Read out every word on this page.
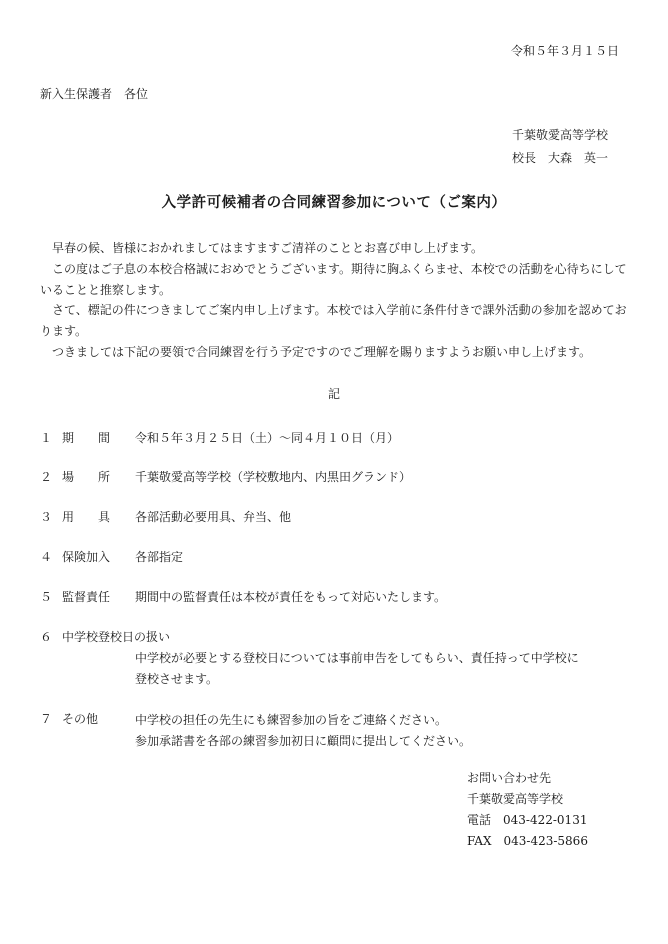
令和５年３月１５日
新入生保護者　各位
千葉敬愛高等学校
校長　大森　英一
入学許可候補者の合同練習参加について（ご案内）

早春の候、皆様におかれましてはますますご清祥のこととお喜び申し上げます。

この度はご子息の本校合格誠におめでとうございます。期待に胸ふくらませ、本校での活動を心待ちにしていることと推察します。

さて、標記の件につきましてご案内申し上げます。本校では入学前に条件付きで課外活動の参加を認めております。

つきましては下記の要領で合同練習を行う予定ですのでご理解を賜りますようお願い申し上げます。

記
１ 期 間 令和５年３月２５日（土）～同４月１０日（月）
２ 場 所 千葉敬愛高等学校（学校敷地内、内黒田グランド）
３ 用 具 各部活動必要用具、弁当、他
４ 保険加入 各部指定
５ 監督責任 期間中の監督責任は本校が責任をもって対応いたします。
６ 中学校登校日の扱い
中学校が必要とする登校日については事前申告をしてもらい、責任持って中学校に
登校させます。
７ その他	中学校の担任の先生にも練習参加の旨をご連絡ください。
参加承諾書を各部の練習参加初日に顧問に提出してください。
お問い合わせ先
千葉敬愛高等学校
電話　043-422-0131
FAX　043-423-5866
